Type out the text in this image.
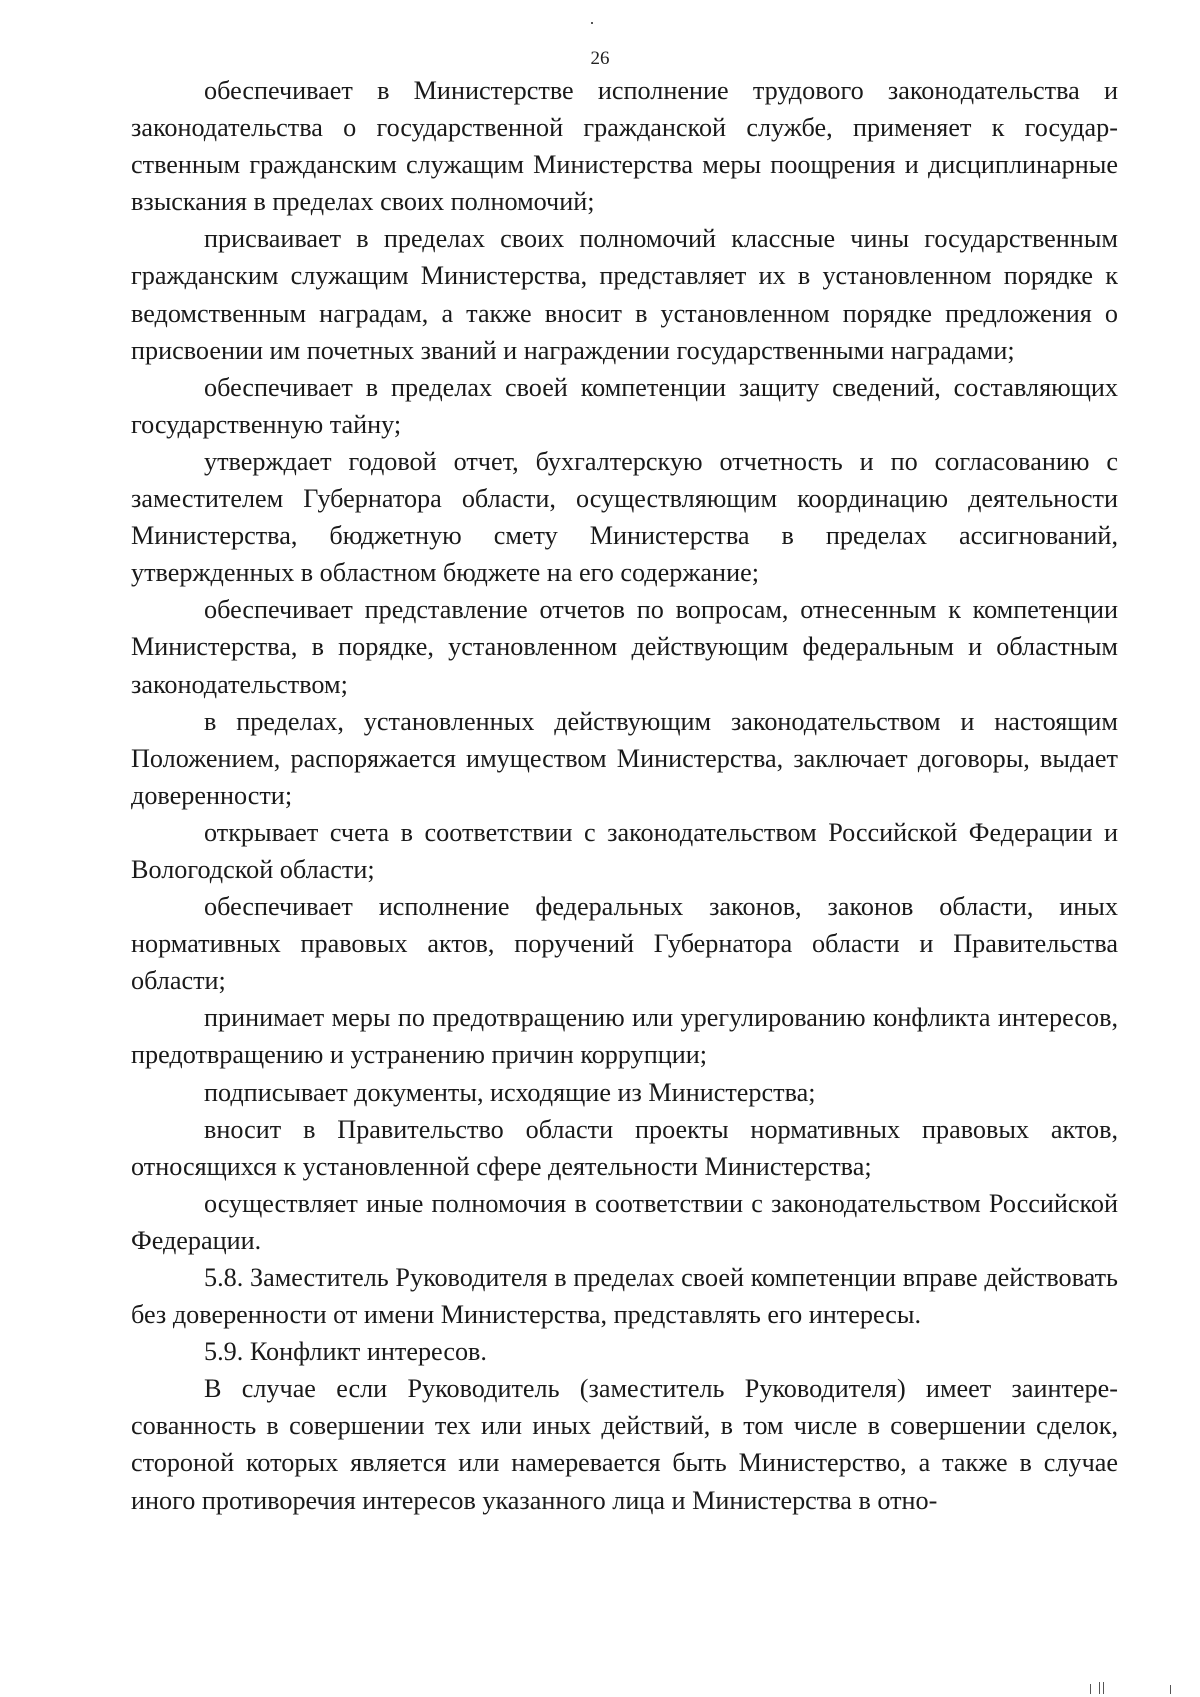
26

обеспечивает в Министерстве исполнение трудового законодательства и законодательства о государственной гражданской службе, применяет к государственным гражданским служащим Министерства меры поощрения и дисциплинарные взыскания в пределах своих полномочий;

присваивает в пределах своих полномочий классные чины государственным гражданским служащим Министерства, представляет их в установленном порядке к ведомственным наградам, а также вносит в установленном порядке предложения о присвоении им почетных званий и награждении государственными наградами;

обеспечивает в пределах своей компетенции защиту сведений, составляющих государственную тайну;

утверждает годовой отчет, бухгалтерскую отчетность и по согласованию с заместителем Губернатора области, осуществляющим координацию деятельности Министерства, бюджетную смету Министерства в пределах ассигнований, утвержденных в областном бюджете на его содержание;

обеспечивает представление отчетов по вопросам, отнесенным к компетенции Министерства, в порядке, установленном действующим федеральным и областным законодательством;

в пределах, установленных действующим законодательством и настоящим Положением, распоряжается имуществом Министерства, заключает договоры, выдает доверенности;

открывает счета в соответствии с законодательством Российской Федерации и Вологодской области;

обеспечивает исполнение федеральных законов, законов области, иных нормативных правовых актов, поручений Губернатора области и Правительства области;

принимает меры по предотвращению или урегулированию конфликта интересов, предотвращению и устранению причин коррупции;

подписывает документы, исходящие из Министерства;

вносит в Правительство области проекты нормативных правовых актов, относящихся к установленной сфере деятельности Министерства;

осуществляет иные полномочия в соответствии с законодательством Российской Федерации.

5.8. Заместитель Руководителя в пределах своей компетенции вправе действовать без доверенности от имени Министерства, представлять его интересы.

5.9. Конфликт интересов.

В случае если Руководитель (заместитель Руководителя) имеет заинтересованность в совершении тех или иных действий, в том числе в совершении сделок, стороной которых является или намеревается быть Министерство, а также в случае иного противоречия интересов указанного лица и Министерства в отно-
